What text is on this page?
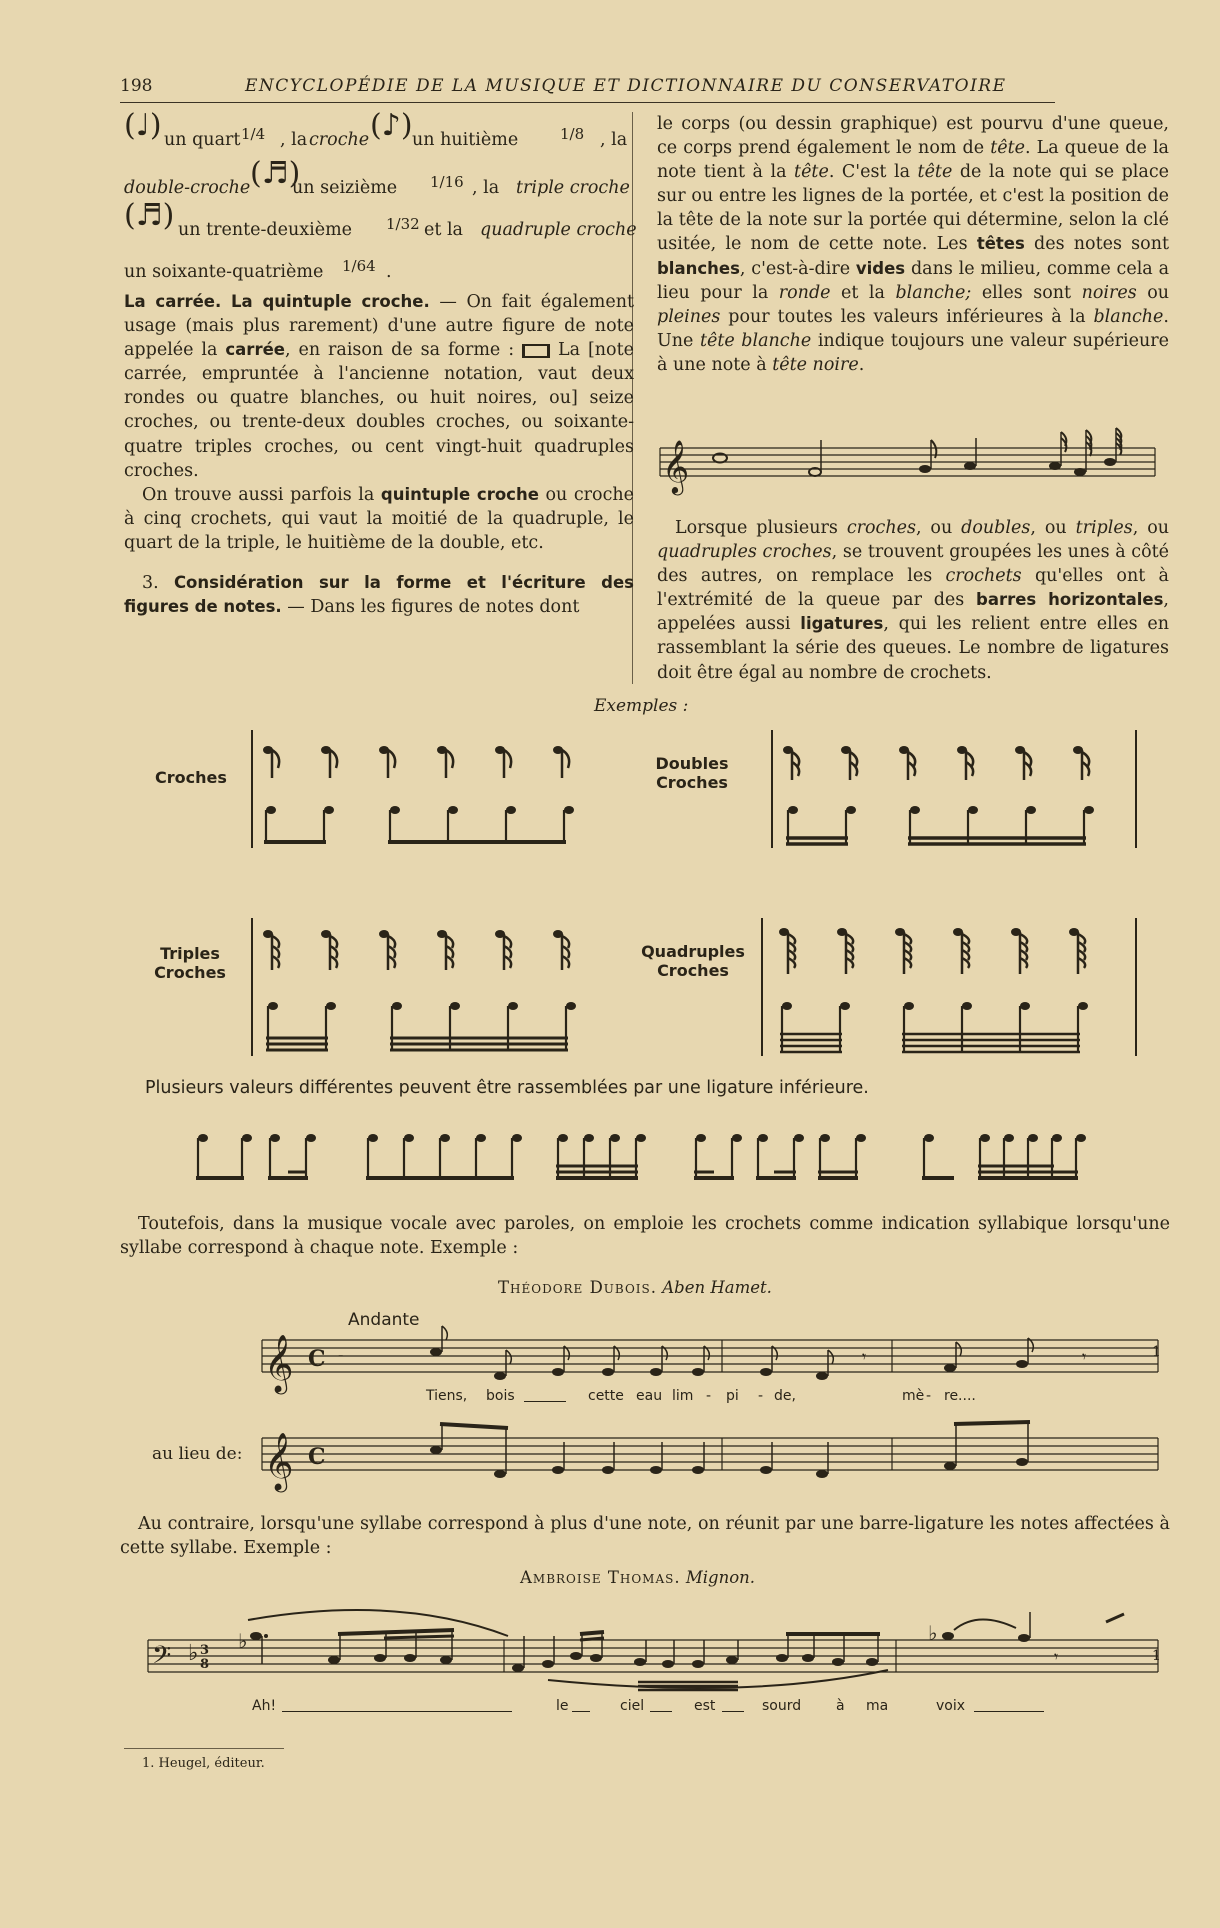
198	ENCYCLOPÉDIE DE LA MUSIQUE ET DICTIONNAIRE DU CONSERVATOIRE
(♩) un quart 1/4 , la croche (♪) un huitième	1/8 , la
double-croche (♬)
un seizième 1/16 , la triple croche
(♬) un trente-deuxième 1/32 et la quadruple croche
un soixante-quatrième 1/64 .

La carrée. La quintuple croche. — On fait également usage (mais plus rarement) d'une autre figure de note appelée la carrée, en raison de sa forme :  La [note carrée, empruntée à l'ancienne notation, vaut deux rondes ou quatre blanches, ou huit noires, ou] seize croches, ou trente-deux doubles croches, ou soixante-quatre triples croches, ou cent vingt-huit quadruples croches.

On trouve aussi parfois la quintuple croche ou croche à cinq crochets, qui vaut la moitié de la quadruple, le quart de la triple, le huitième de la double, etc.

3. Considération sur la forme et l'écriture des figures de notes. — Dans les figures de notes dont

le corps (ou dessin graphique) est pourvu d'une queue, ce corps prend également le nom de tête. La queue de la note tient à la tête. C'est la tête de la note qui se place sur ou entre les lignes de la portée, et c'est la position de la tête de la note sur la portée qui détermine, selon la clé usitée, le nom de cette note. Les têtes des notes sont blanches, c'est-à-dire vides dans le milieu, comme cela a lieu pour la ronde et la blanche; elles sont noires ou pleines pour toutes les valeurs inférieures à la blanche. Une tête blanche indique toujours une valeur supérieure à une note à tête noire.

𝄞

Lorsque plusieurs croches, ou doubles, ou triples, ou quadruples croches, se trouvent groupées les unes à côté des autres, on remplace les crochets qu'elles ont à l'extrémité de la queue par des barres horizontales, appelées aussi ligatures, qui les relient entre elles en rassemblant la série des queues. Le nombre de ligatures doit être égal au nombre de crochets.

Exemples :
Croches
Doubles
Croches
Triples
Croches
Quadruples
Croches
Plusieurs valeurs différentes peuvent être rassemblées par une ligature inférieure.

Toutefois, dans la musique vocale avec paroles, on emploie les crochets comme indication syllabique lorsqu'une syllabe correspond à chaque note. Exemple :

Théodore Dubois. Aben Hamet.
Andante
𝄞 C -	𝄾	𝄾	1
Tiens, bois	cette eau lim - pi - de,	mè - re....
au lieu de: 𝄞 C

Au contraire, lorsqu'une syllabe correspond à plus d'une note, on réunit par une barre-ligature les notes affectées à cette syllabe. Exemple :

Ambroise Thomas. Mignon.
𝄢 ♭ 3
8
♭	♭
𝄾	1
Ah!	le	ciel	est	sourd à ma	voix
1. Heugel, éditeur.
